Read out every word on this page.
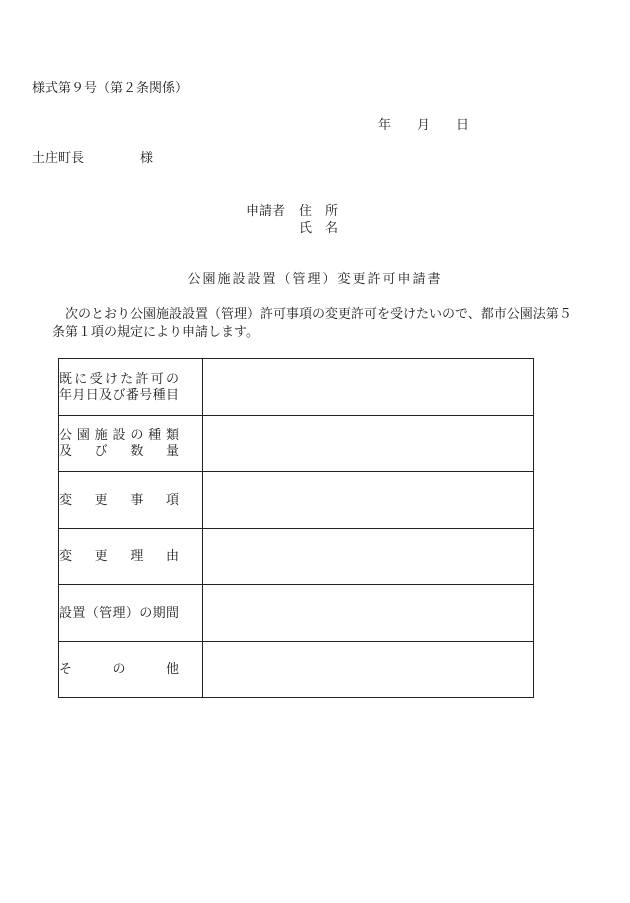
様式第９号（第２条関係）
年　　月　　日
土庄町長	様
申請者 住　所
氏　名
公園施設設置（管理）変更許可申請書
次のとおり公園施設設置（管理）許可事項の変更許可を受けたいので、都市公園法第５
条第１項の規定により申請します。
既に受けた許可の
年月日及び番号種目	

公園施設の種類
及　び　数　量	

変　更　事　項	

変　更　理　由	

設置（管理）の期間	

そ　　の　　他	
